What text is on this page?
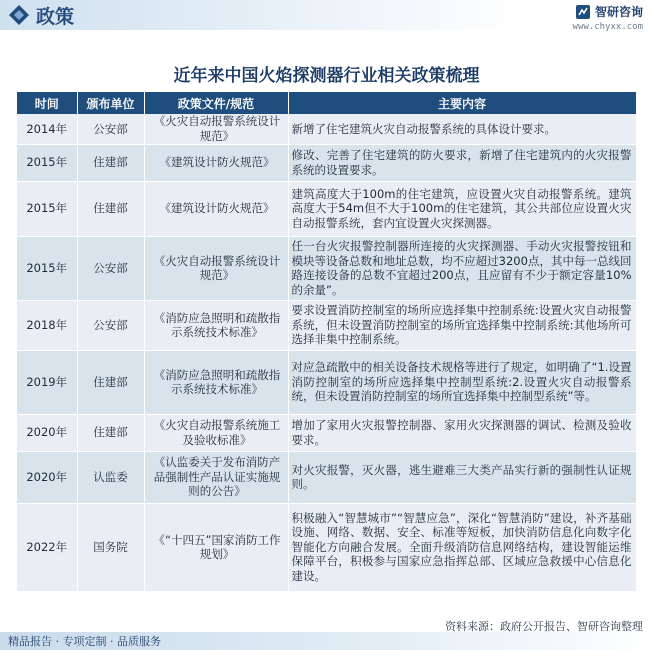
政策	智研咨询
www.chyxx.com
近年来中国火焰探测器行业相关政策梳理
时间	颁布单位	政策文件/规范	主要内容
2014年	公安部	《火灾自动报警系统设计规范》	新增了住宅建筑火灾自动报警系统的具体设计要求。
2015年	住建部	《建筑设计防火规范》	修改、完善了住宅建筑的防火要求，新增了住宅建筑内的火灾报警系统的设置要求。
2015年	住建部	《建筑设计防火规范》	建筑高度大于100m的住宅建筑，应设置火灾自动报警系统。建筑高度大于54m但不大于100m的住宅建筑，其公共部位应设置火灾自动报警系统，套内宜设置火灾探测器。
2015年	公安部	《火灾自动报警系统设计规范》	任一台火灾报警控制器所连接的火灾探测器、手动火灾报警按钮和模块等设备总数和地址总数，均不应超过3200点，其中每一总线回路连接设备的总数不宜超过200点，且应留有不少于额定容量10%的余量”。
2018年	公安部	《消防应急照明和疏散指示系统技术标准》	要求设置消防控制室的场所应选择集中控制系统:设置火灾自动报警系统，但未设置消防控制室的场所宜选择集中控制系统:其他场所可选择非集中控制系统。
2019年	住建部	《消防应急照明和疏散指示系统技术标准》	对应急疏散中的相关设备技术规格等进行了规定，如明确了“1.设置消防控制室的场所应选择集中控制型系统:2.设置火灾自动报警系统，但未设置消防控制室的场所宜选择集中控制型系统”等。
2020年	住建部	《火灾自动报警系统施工及验收标准》	增加了家用火灾报警控制器、家用火灾探测器的调试、检测及验收要求。
2020年	认监委	《认监委关于发布消防产品强制性产品认证实施规则的公告》	对火灾报警，灭火器，逃生避难三大类产品实行新的强制性认证规则。
2022年	国务院	《“十四五”国家消防工作规划》	积极融入“智慧城市”“智慧应急”，深化“智慧消防”建设，补齐基础设施、网络、数据、安全、标准等短板，加快消防信息化向数字化智能化方向融合发展。全面升级消防信息网络结构，建设智能运维保障平台，积极参与国家应急指挥总部、区域应急救援中心信息化建设。
资料来源：政府公开报告、智研咨询整理
精品报告 · 专项定制 · 品质服务
